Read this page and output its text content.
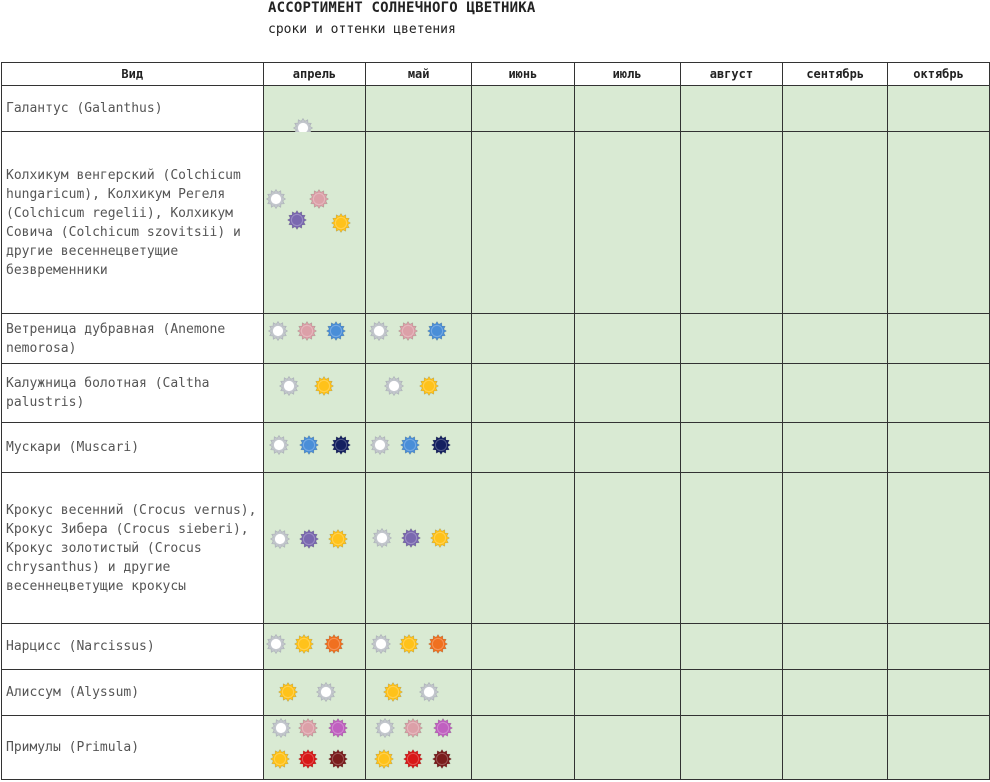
АССОРТИМЕНТ СОЛНЕЧНОГО ЦВЕТНИКА
сроки и оттенки цветения
Вид	апрель	май	июнь	июль	август	сентябрь	октябрь
Галантус (Galanthus)	

Колхикум венгерский (Colchicum hungaricum), Колхикум Регеля (Colchicum regelii), Колхикум Совича (Colchicum szovitsii) и другие весеннецветущие безвременники	

Ветреница дубравная (Anemone nemorosa)	

Калужница болотная (Caltha palustris)	

Мускари (Muscari)	

Крокус весенний (Crocus vernus), Крокус Зибера (Crocus sieberi), Крокус золотистый (Crocus chrysanthus) и другие весеннецветущие крокусы	

Нарцисс (Narcissus)	

Алиссум (Alyssum)	

Примулы (Primula)	
